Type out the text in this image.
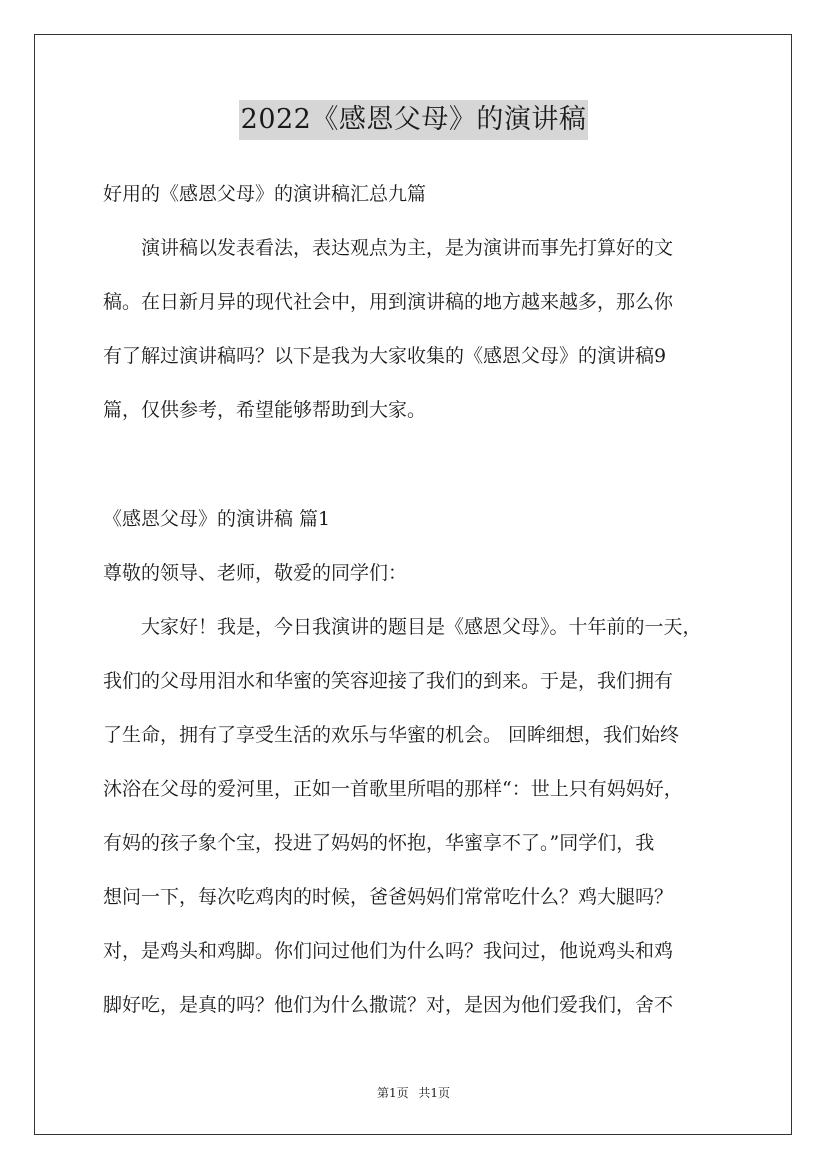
2022《感恩父母》的演讲稿

好用的《感恩父母》的演讲稿汇总九篇

演讲稿以发表看法，表达观点为主，是为演讲而事先打算好的文

稿。在日新月异的现代社会中，用到演讲稿的地方越来越多，那么你

有了解过演讲稿吗？以下是我为大家收集的《感恩父母》的演讲稿9

篇，仅供参考，希望能够帮助到大家。

《感恩父母》的演讲稿 篇1

尊敬的领导、老师，敬爱的同学们：

大家好！我是，今日我演讲的题目是《感恩父母》。十年前的一天，

我们的父母用泪水和华蜜的笑容迎接了我们的到来。于是，我们拥有

了生命，拥有了享受生活的欢乐与华蜜的机会。 回眸细想，我们始终

沐浴在父母的爱河里，正如一首歌里所唱的那样“：世上只有妈妈好，

有妈的孩子象个宝，投进了妈妈的怀抱，华蜜享不了。”同学们，我

想问一下，每次吃鸡肉的时候，爸爸妈妈们常常吃什么？鸡大腿吗？

对，是鸡头和鸡脚。你们问过他们为什么吗？我问过，他说鸡头和鸡

脚好吃，是真的吗？他们为什么撒谎？对，是因为他们爱我们，舍不

第1页 共1页
